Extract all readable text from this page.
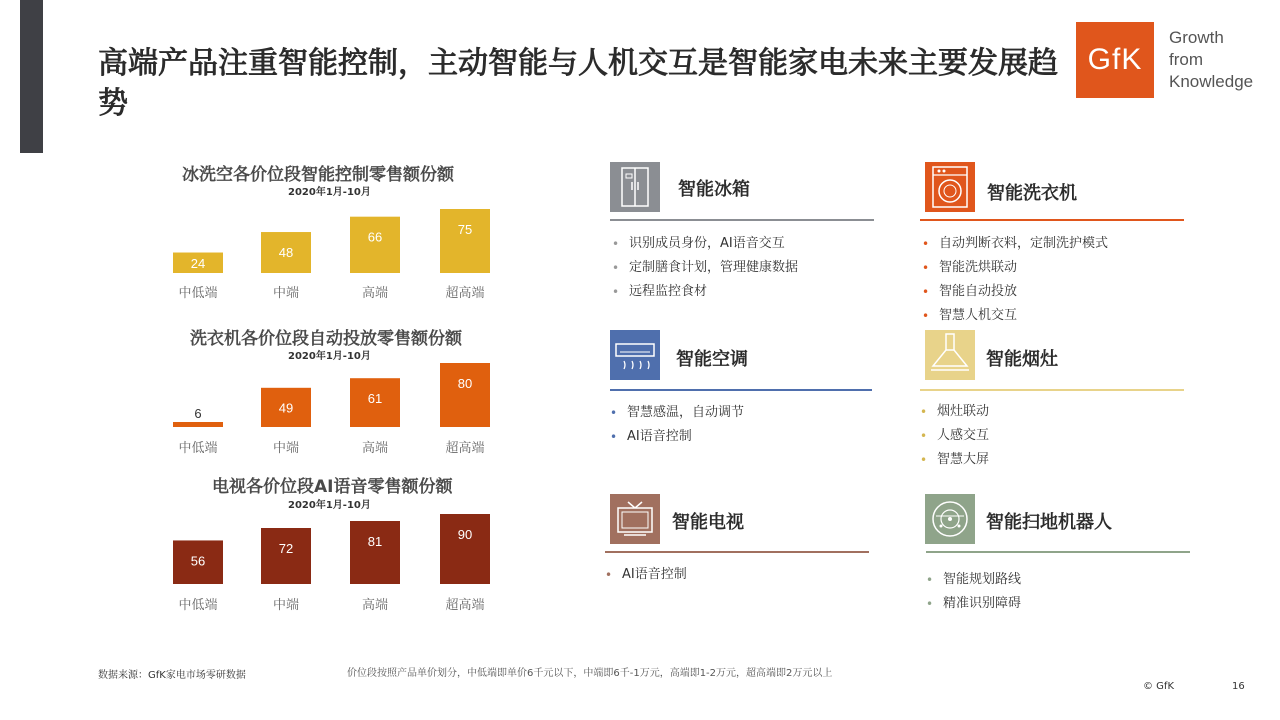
高端产品注重智能控制，主动智能与人机交互是智能家电未来主要发展趋势
GfK
Growth
from
Knowledge
冰洗空各价位段智能控制零售额份额
2020年1月-10月
24
中低端
48
中端
66
高端
75
超高端
洗衣机各价位段自动投放零售额份额
2020年1月-10月
6
中低端
49
中端
61
高端
80
超高端
电视各价位段AI语音零售额份额
2020年1月-10月
56
中低端
72
中端
81
高端
90
超高端
智能冰箱
• 识别成员身份，AI语音交互
• 定制膳食计划，管理健康数据
• 远程监控食材
智能洗衣机
• 自动判断衣料，定制洗护模式
• 智能洗烘联动
• 智能自动投放
• 智慧人机交互
智能空调
• 智慧感温，自动调节
• AI语音控制
智能烟灶
• 烟灶联动
• 人感交互
• 智慧大屏
智能电视
• AI语音控制
智能扫地机器人
• 智能规划路线
• 精准识别障碍
数据来源：GfK家电市场零研数据	价位段按照产品单价划分，中低端即单价6千元以下，中端即6千-1万元，高端即1-2万元，超高端即2万元以上
© GfK	16
